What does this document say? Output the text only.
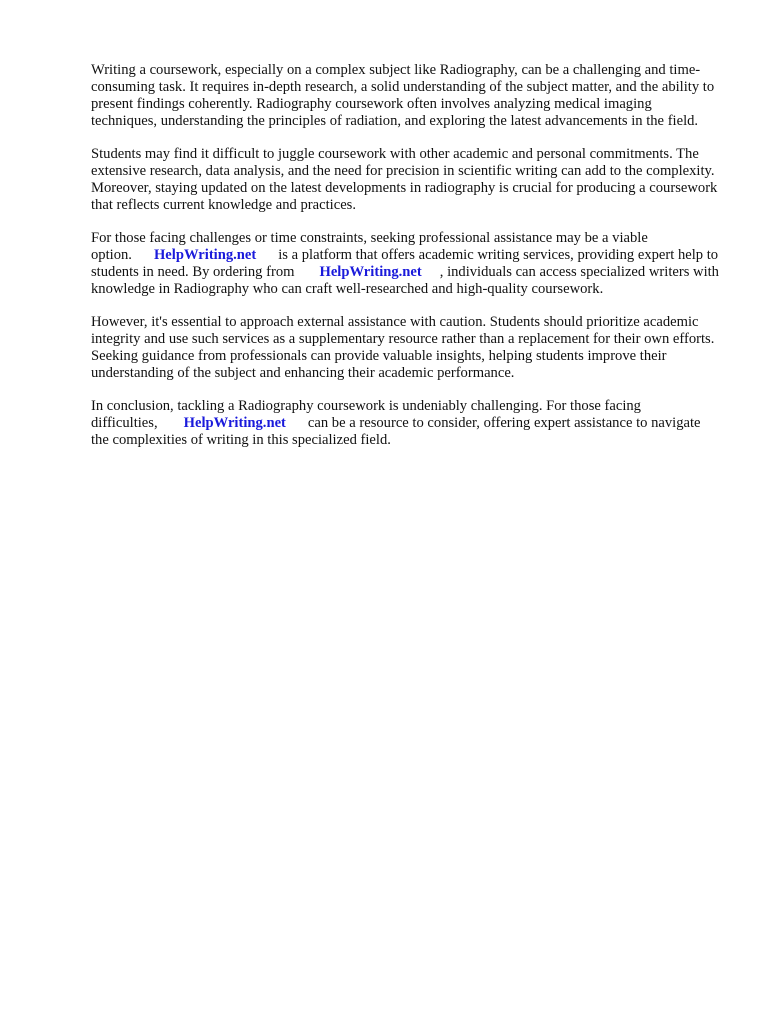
Writing a coursework, especially on a complex subject like Radiography, can be a challenging and time-consuming task. It requires in-depth research, a solid understanding of the subject matter, and the ability to present findings coherently. Radiography coursework often involves analyzing medical imaging techniques, understanding the principles of radiation, and exploring the latest advancements in the field.

Students may find it difficult to juggle coursework with other academic and personal commitments. The extensive research, data analysis, and the need for precision in scientific writing can add to the complexity. Moreover, staying updated on the latest developments in radiography is crucial for producing a coursework that reflects current knowledge and practices.

For those facing challenges or time constraints, seeking professional assistance may be a viable option. HelpWriting.net is a platform that offers academic writing services, providing expert help to students in need. By ordering from HelpWriting.net , individuals can access specialized writers with knowledge in Radiography who can craft well-researched and high-quality coursework.

However, it's essential to approach external assistance with caution. Students should prioritize academic integrity and use such services as a supplementary resource rather than a replacement for their own efforts. Seeking guidance from professionals can provide valuable insights, helping students improve their understanding of the subject and enhancing their academic performance.

In conclusion, tackling a Radiography coursework is undeniably challenging. For those facing difficulties, HelpWriting.net can be a resource to consider, offering expert assistance to navigate the complexities of writing in this specialized field.
